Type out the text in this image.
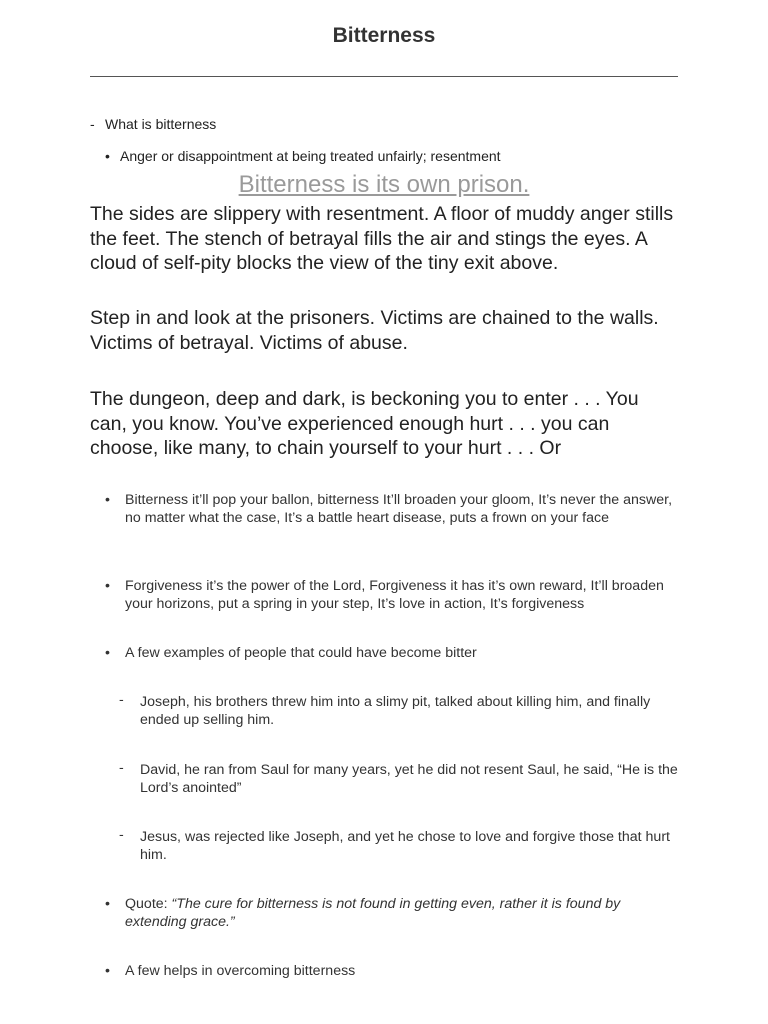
Bitterness
- What is bitterness
• Anger or disappointment at being treated unfairly; resentment
Bitterness is its own prison.
The sides are slippery with resentment. A floor of muddy anger stills the feet. The stench of betrayal fills the air and stings the eyes. A cloud of self-pity blocks the view of the tiny exit above.
Step in and look at the prisoners. Victims are chained to the walls. Victims of betrayal. Victims of abuse.
The dungeon, deep and dark, is beckoning you to enter . . . You can, you know. You’ve experienced enough hurt . . . you can choose, like many, to chain yourself to your hurt . . . Or
• Bitterness it’ll pop your ballon, bitterness It’ll broaden your gloom, It’s never the answer, no matter what the case, It’s a battle heart disease, puts a frown on your face
• Forgiveness it’s the power of the Lord, Forgiveness it has it’s own reward, It’ll broaden your horizons, put a spring in your step, It’s love in action, It’s forgiveness
• A few examples of people that could have become bitter
- Joseph, his brothers threw him into a slimy pit, talked about killing him, and finally ended up selling him.
- David, he ran from Saul for many years, yet he did not resent Saul, he said, “He is the Lord’s anointed”
- Jesus, was rejected like Joseph, and yet he chose to love and forgive those that hurt him.
• Quote: “The cure for bitterness is not found in getting even, rather it is found by extending grace.”
• A few helps in overcoming bitterness
